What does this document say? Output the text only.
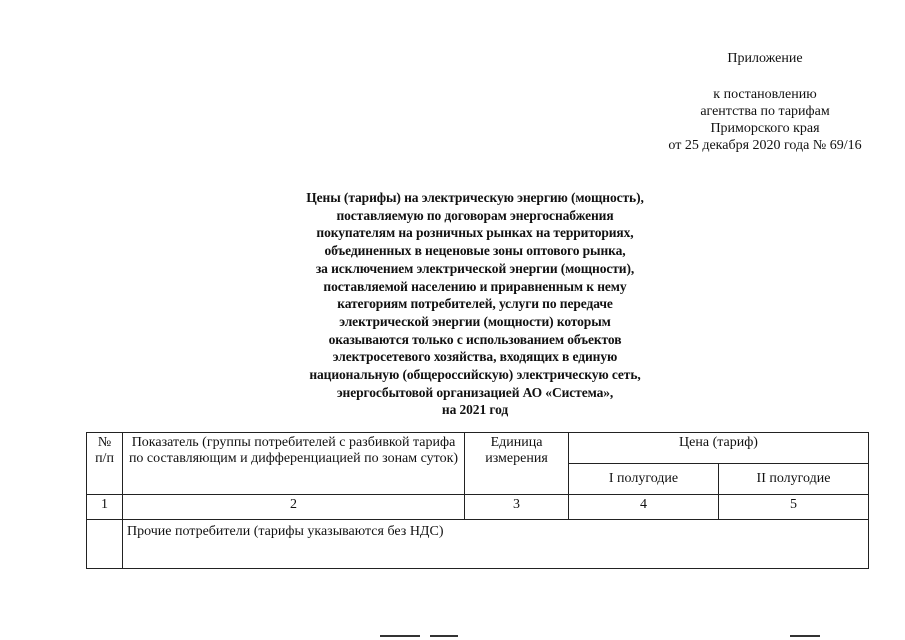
Приложение
к постановлению
агентства по тарифам
Приморского края
от 25 декабря 2020 года № 69/16
Цены (тарифы) на электрическую энергию (мощность),
поставляемую по договорам энергоснабжения
покупателям на розничных рынках на территориях,
объединенных в неценовые зоны оптового рынка,
за исключением электрической энергии (мощности),
поставляемой населению и приравненным к нему
категориям потребителей, услуги по передаче
электрической энергии (мощности) которым
оказываются только с использованием объектов
электросетевого хозяйства, входящих в единую
национальную (общероссийскую) электрическую сеть,
энергосбытовой организацией АО «Система»,
на 2021 год
№ п/п	Показатель (группы потребителей с разбивкой тарифа по составляющим и дифференциацией по зонам суток)	Единица измерения	Цена (тариф)	
			I полугодие	II полугодие
1	2	3	4	5
	Прочие потребители (тарифы указываются без НДС)			
